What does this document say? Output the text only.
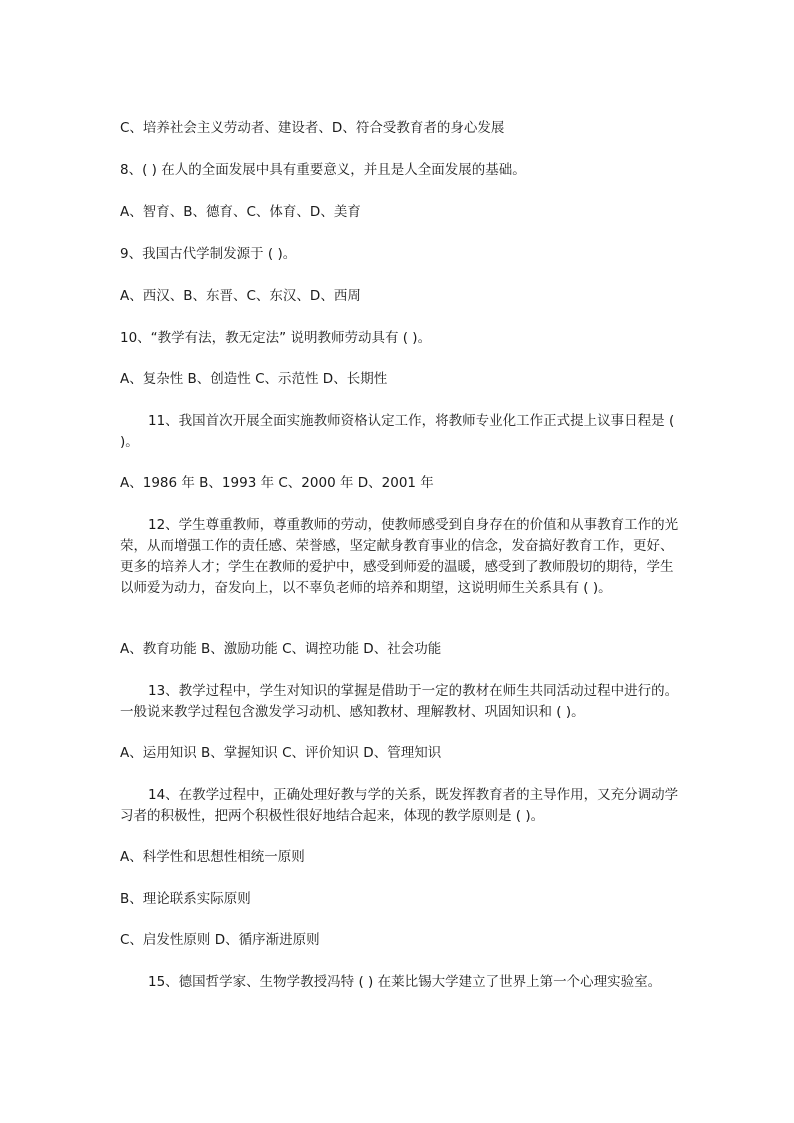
C、培养社会主义劳动者、建设者、D、符合受教育者的身心发展

8、( ) 在人的全面发展中具有重要意义，并且是人全面发展的基础。

A、智育、B、德育、C、体育、D、美育

9、我国古代学制发源于 ( )。

A、西汉、B、东晋、C、东汉、D、西周

10、“教学有法，教无定法” 说明教师劳动具有 ( )。

A、复杂性 B、创造性 C、示范性 D、长期性

11、我国首次开展全面实施教师资格认定工作，将教师专业化工作正式提上议事日程是 ( )。

A、1986 年 B、1993 年 C、2000 年 D、2001 年

12、学生尊重教师，尊重教师的劳动，使教师感受到自身存在的价值和从事教育工作的光荣，从而增强工作的责任感、荣誉感，坚定献身教育事业的信念，发奋搞好教育工作，更好、更多的培养人才；学生在教师的爱护中，感受到师爱的温暖，感受到了教师殷切的期待，学生以师爱为动力，奋发向上，以不辜负老师的培养和期望，这说明师生关系具有 ( )。

A、教育功能 B、激励功能 C、调控功能 D、社会功能

13、教学过程中，学生对知识的掌握是借助于一定的教材在师生共同活动过程中进行的。一般说来教学过程包含激发学习动机、感知教材、理解教材、巩固知识和 ( )。

A、运用知识 B、掌握知识 C、评价知识 D、管理知识

14、在教学过程中，正确处理好教与学的关系，既发挥教育者的主导作用，又充分调动学习者的积极性，把两个积极性很好地结合起来，体现的教学原则是 ( )。

A、科学性和思想性相统一原则

B、理论联系实际原则

C、启发性原则 D、循序渐进原则

15、德国哲学家、生物学教授冯特 ( ) 在莱比锡大学建立了世界上第一个心理实验室。
